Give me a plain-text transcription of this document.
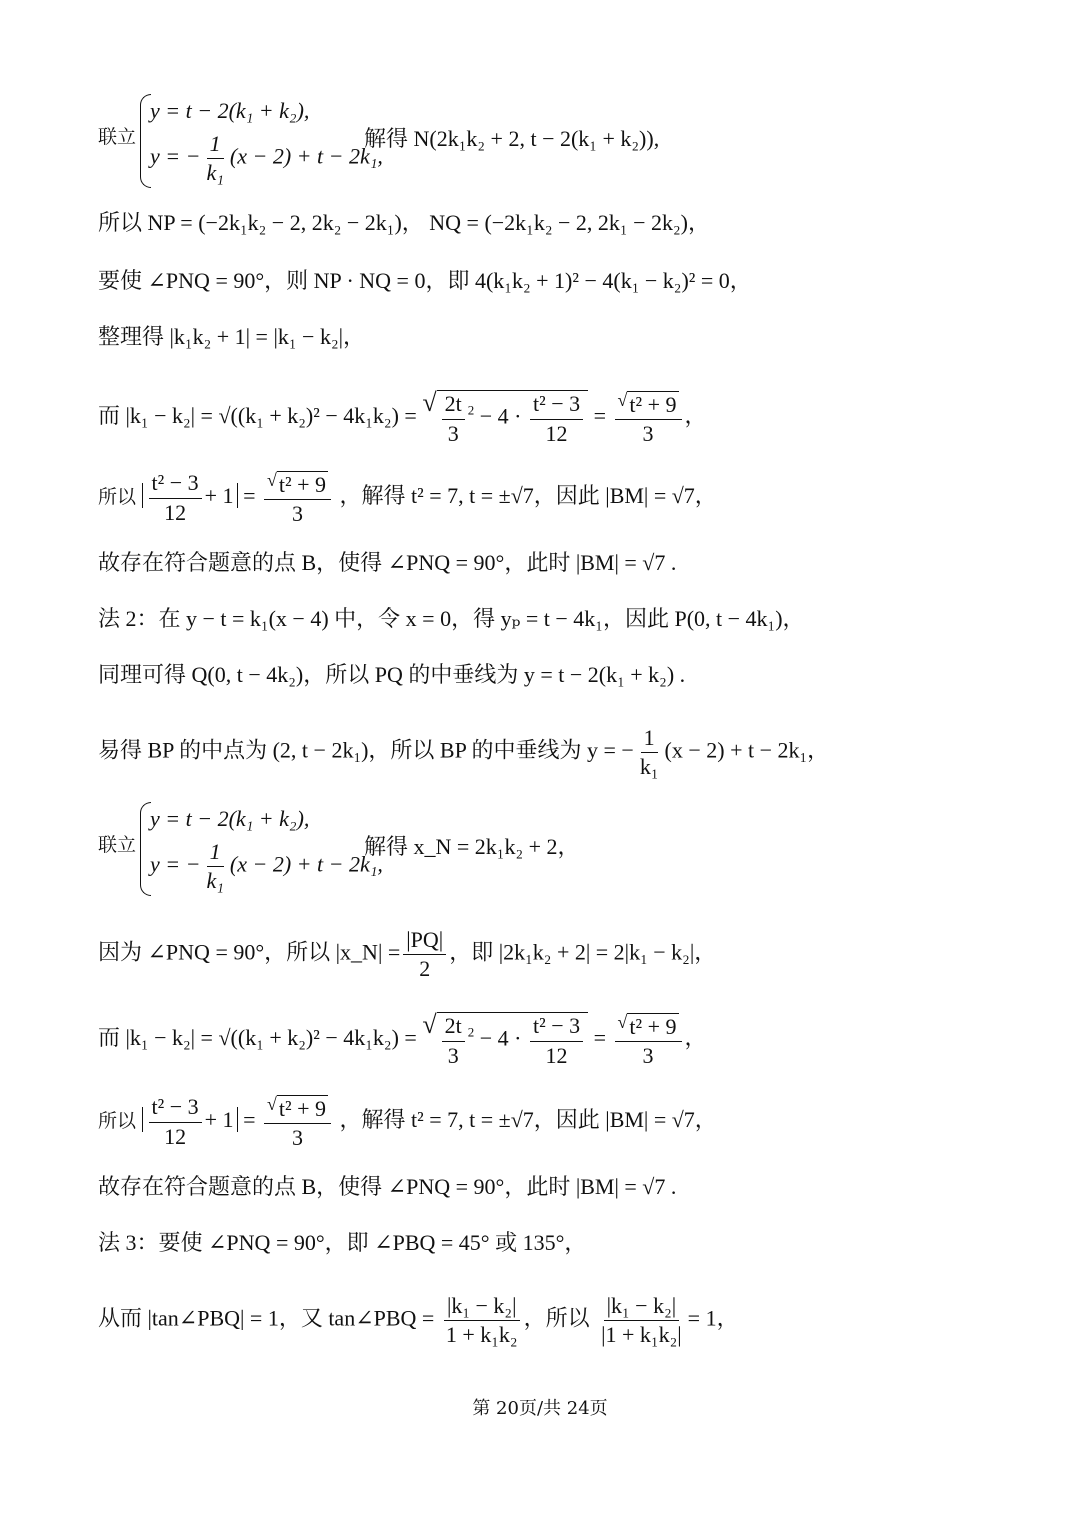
联立
y = t − 2(k₁ + k₂),
y = − $\frac{1}{\text{k₁}} (x - 2) + t - 2k_1$,
解得 N(2k₁k₂ + 2, t − 2(k₁ + k₂)),
所以 NP = (−2k₁k₂ − 2, 2k₂ − 2k₁)， NQ = (−2k₁k₂ − 2, 2k₁ − 2k₂)，
要使 ∠PNQ = 90°，则 NP · NQ = 0，即 4(k₁k₂ + 1)² − 4(k₁ − k₂)² = 0，
整理得 |k₁k₂ + 1| = |k₁ − k₂|，
而 |k₁ − k₂| = √((k₁ + k₂)² − 4k₁k₂) = √ $\frac{2t}{3} ^2 - 4 \cdot \frac{\text{t² − 3}}{12} = \frac{\text{√ t² + 9}}{3}$ ，
所以 $\frac{\text{t² − 3}}{12} + 1 = \frac{\text{√ t² + 9}}{3}$ ，解得 t² = 7, t = ±√7，因此 |BM| = √7，
故存在符合题意的点 B，使得 ∠PNQ = 90°，此时 |BM| = √7 .
法 2：在 y − t = k₁(x − 4) 中，令 x = 0，得 yₚ = t − 4k₁，因此 P(0, t − 4k₁)，
同理可得 Q(0, t − 4k₂)，所以 PQ 的中垂线为 y = t − 2(k₁ + k₂) .
易得 BP 的中点为 (2, t − 2k₁)，所以 BP 的中垂线为 y = − $\frac{1}{\text{k₁}} (x - 2) + t - 2k_1$，
联立
y = t − 2(k₁ + k₂),
y = − $\frac{1}{\text{k₁}} (x - 2) + t - 2k_1$,
解得 x_N = 2k₁k₂ + 2，
因为 ∠PNQ = 90°，所以 |x_N| = $\frac{|PQ|}{2}$ ，即 |2k₁k₂ + 2| = 2|k₁ − k₂|，
而 |k₁ − k₂| = √((k₁ + k₂)² − 4k₁k₂) = √ $\frac{2t}{3} ^2 - 4 \cdot \frac{\text{t² − 3}}{12} = \frac{\text{√ t² + 9}}{3}$ ，
所以 $\frac{\text{t² − 3}}{12} + 1 = \frac{\text{√ t² + 9}}{3}$ ，解得 t² = 7, t = ±√7，因此 |BM| = √7，
故存在符合题意的点 B，使得 ∠PNQ = 90°，此时 |BM| = √7 .
法 3：要使 ∠PNQ = 90°，即 ∠PBQ = 45° 或 135°，
从而 |tan∠PBQ| = 1，又 tan∠PBQ = $\frac{\text{|k₁ − k₂|}}{\text{1 + k₁k₂}}$ ，所以 $\frac{\text{|k₁ − k₂|}}{\text{|1 + k₁k₂|}} = 1$，
第 20页/共 24页
